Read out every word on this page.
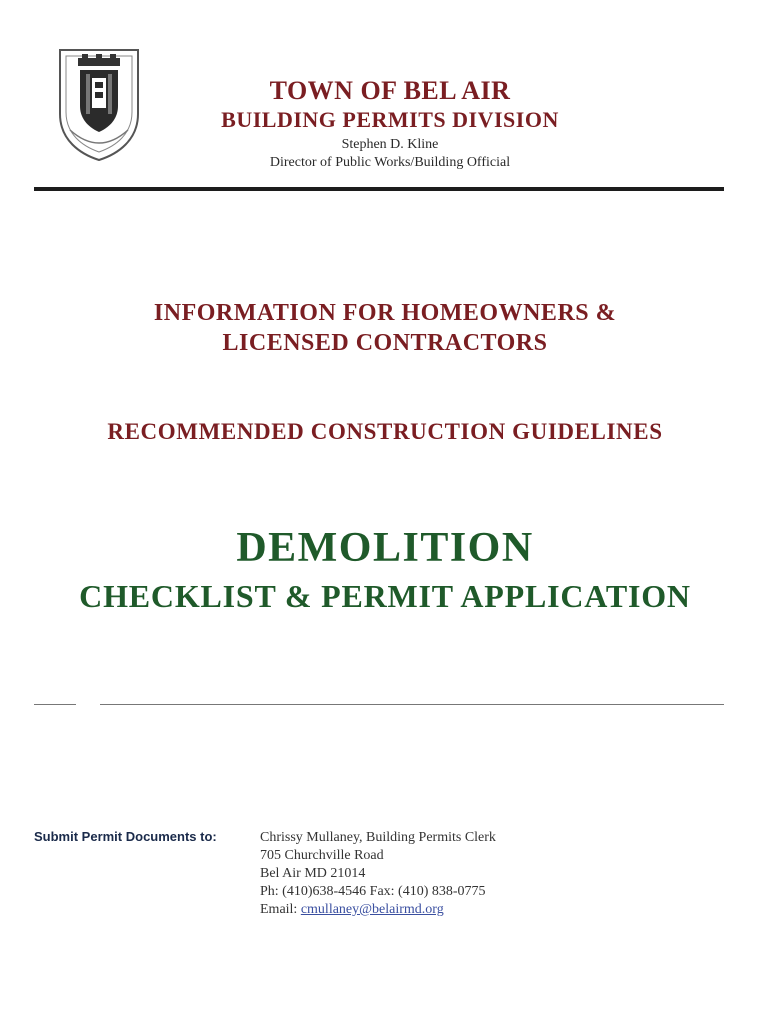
TOWN OF BEL AIR
BUILDING PERMITS DIVISION
Stephen D. Kline
Director of Public Works/Building Official
INFORMATION FOR HOMEOWNERS &
LICENSED CONTRACTORS
RECOMMENDED CONSTRUCTION GUIDELINES
DEMOLITION
CHECKLIST & PERMIT APPLICATION
Submit Permit Documents to:	Chrissy Mullaney, Building Permits Clerk
705 Churchville Road
Bel Air MD 21014
Ph: (410)638-4546 Fax: (410) 838-0775
Email: cmullaney@belairmd.org
